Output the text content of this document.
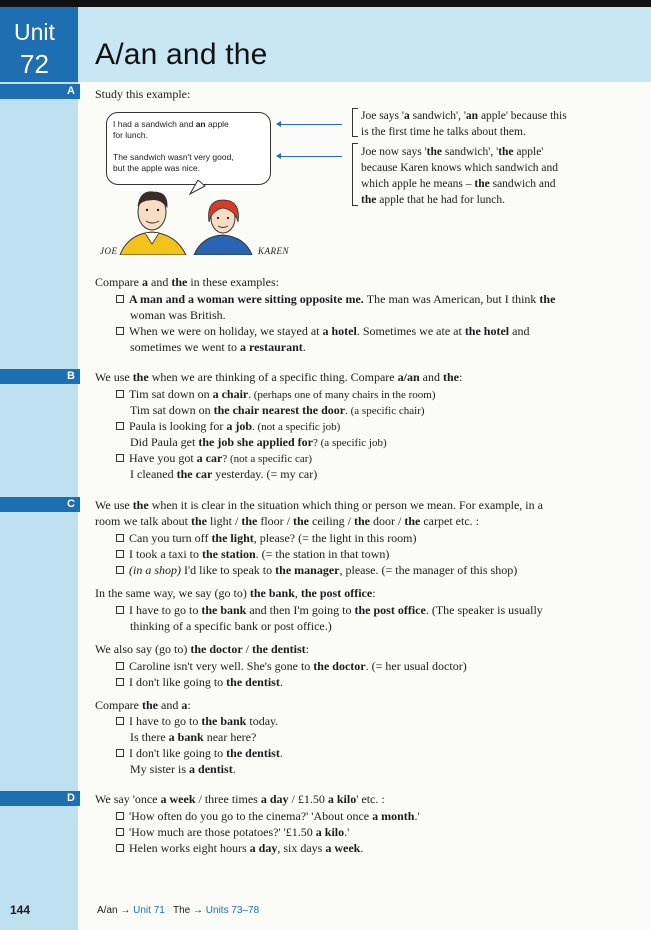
Unit
72 A/an and the
A	Study this example:
I had a sandwich and an apple
for lunch.
The sandwich wasn't very good,
but the apple was nice.
JOE	KAREN
Joe says 'a sandwich', 'an apple' because this
is the first time he talks about them.
Joe now says 'the sandwich', 'the apple'
because Karen knows which sandwich and
which apple he means – the sandwich and
the apple that he had for lunch.
Compare a and the in these examples:
A man and a woman were sitting opposite me. The man was American, but I think the
woman was British.
When we were on holiday, we stayed at a hotel. Sometimes we ate at the hotel and
sometimes we went to a restaurant.
B	We use the when we are thinking of a specific thing. Compare a/an and the:
Tim sat down on a chair. (perhaps one of many chairs in the room)
Tim sat down on the chair nearest the door. (a specific chair)
Paula is looking for a job. (not a specific job)
Did Paula get the job she applied for? (a specific job)
Have you got a car? (not a specific car)
I cleaned the car yesterday. (= my car)
C	We use the when it is clear in the situation which thing or person we mean. For example, in a
room we talk about the light / the floor / the ceiling / the door / the carpet etc. :
Can you turn off the light, please? (= the light in this room)
I took a taxi to the station. (= the station in that town)
(in a shop) I'd like to speak to the manager, please. (= the manager of this shop)
In the same way, we say (go to) the bank, the post office:
I have to go to the bank and then I'm going to the post office. (The speaker is usually
thinking of a specific bank or post office.)
We also say (go to) the doctor / the dentist:
Caroline isn't very well. She's gone to the doctor. (= her usual doctor)
I don't like going to the dentist.
Compare the and a:
I have to go to the bank today.
Is there a bank near here?
I don't like going to the dentist.
My sister is a dentist.
D	We say 'once a week / three times a day / £1.50 a kilo' etc. :
'How often do you go to the cinema?' 'About once a month.'
'How much are those potatoes?' '£1.50 a kilo.'
Helen works eight hours a day, six days a week.
144	A/an → Unit 71   The → Units 73–78
